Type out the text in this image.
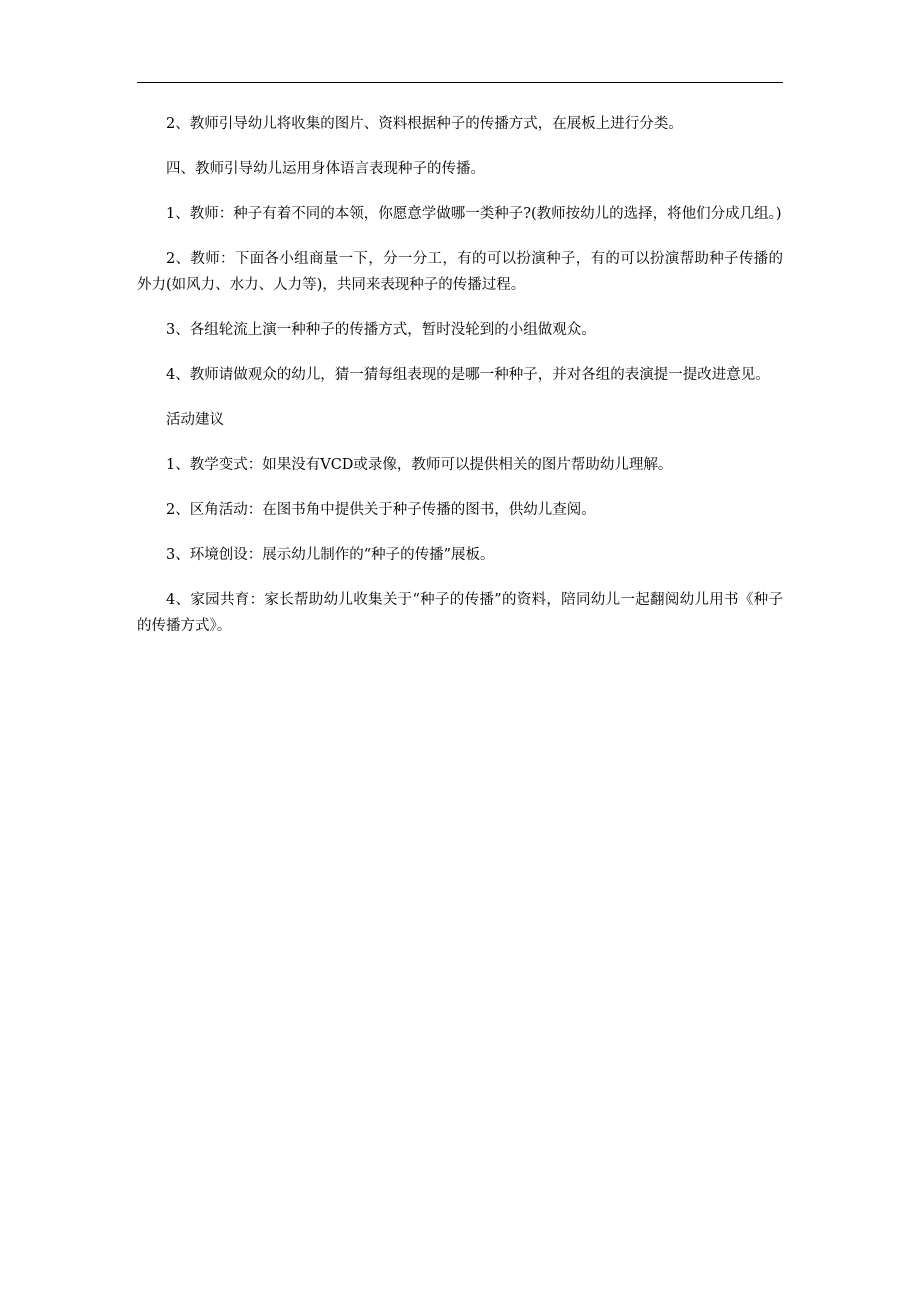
2、教师引导幼儿将收集的图片、资料根据种子的传播方式，在展板上进行分类。

四、教师引导幼儿运用身体语言表现种子的传播。

1、教师：种子有着不同的本领，你愿意学做哪一类种子?(教师按幼儿的选择，将他们分成几组。)

2、教师：下面各小组商量一下，分一分工，有的可以扮演种子，有的可以扮演帮助种子传播的外力(如风力、水力、人力等)，共同来表现种子的传播过程。

3、各组轮流上演一种种子的传播方式，暂时没轮到的小组做观众。

4、教师请做观众的幼儿，猜一猜每组表现的是哪一种种子，并对各组的表演提一提改进意见。

活动建议

1、教学变式：如果没有VCD或录像，教师可以提供相关的图片帮助幼儿理解。

2、区角活动：在图书角中提供关于种子传播的图书，供幼儿查阅。

3、环境创设：展示幼儿制作的“种子的传播”展板。

4、家园共育：家长帮助幼儿收集关于“种子的传播”的资料，陪同幼儿一起翻阅幼儿用书《种子的传播方式》。
